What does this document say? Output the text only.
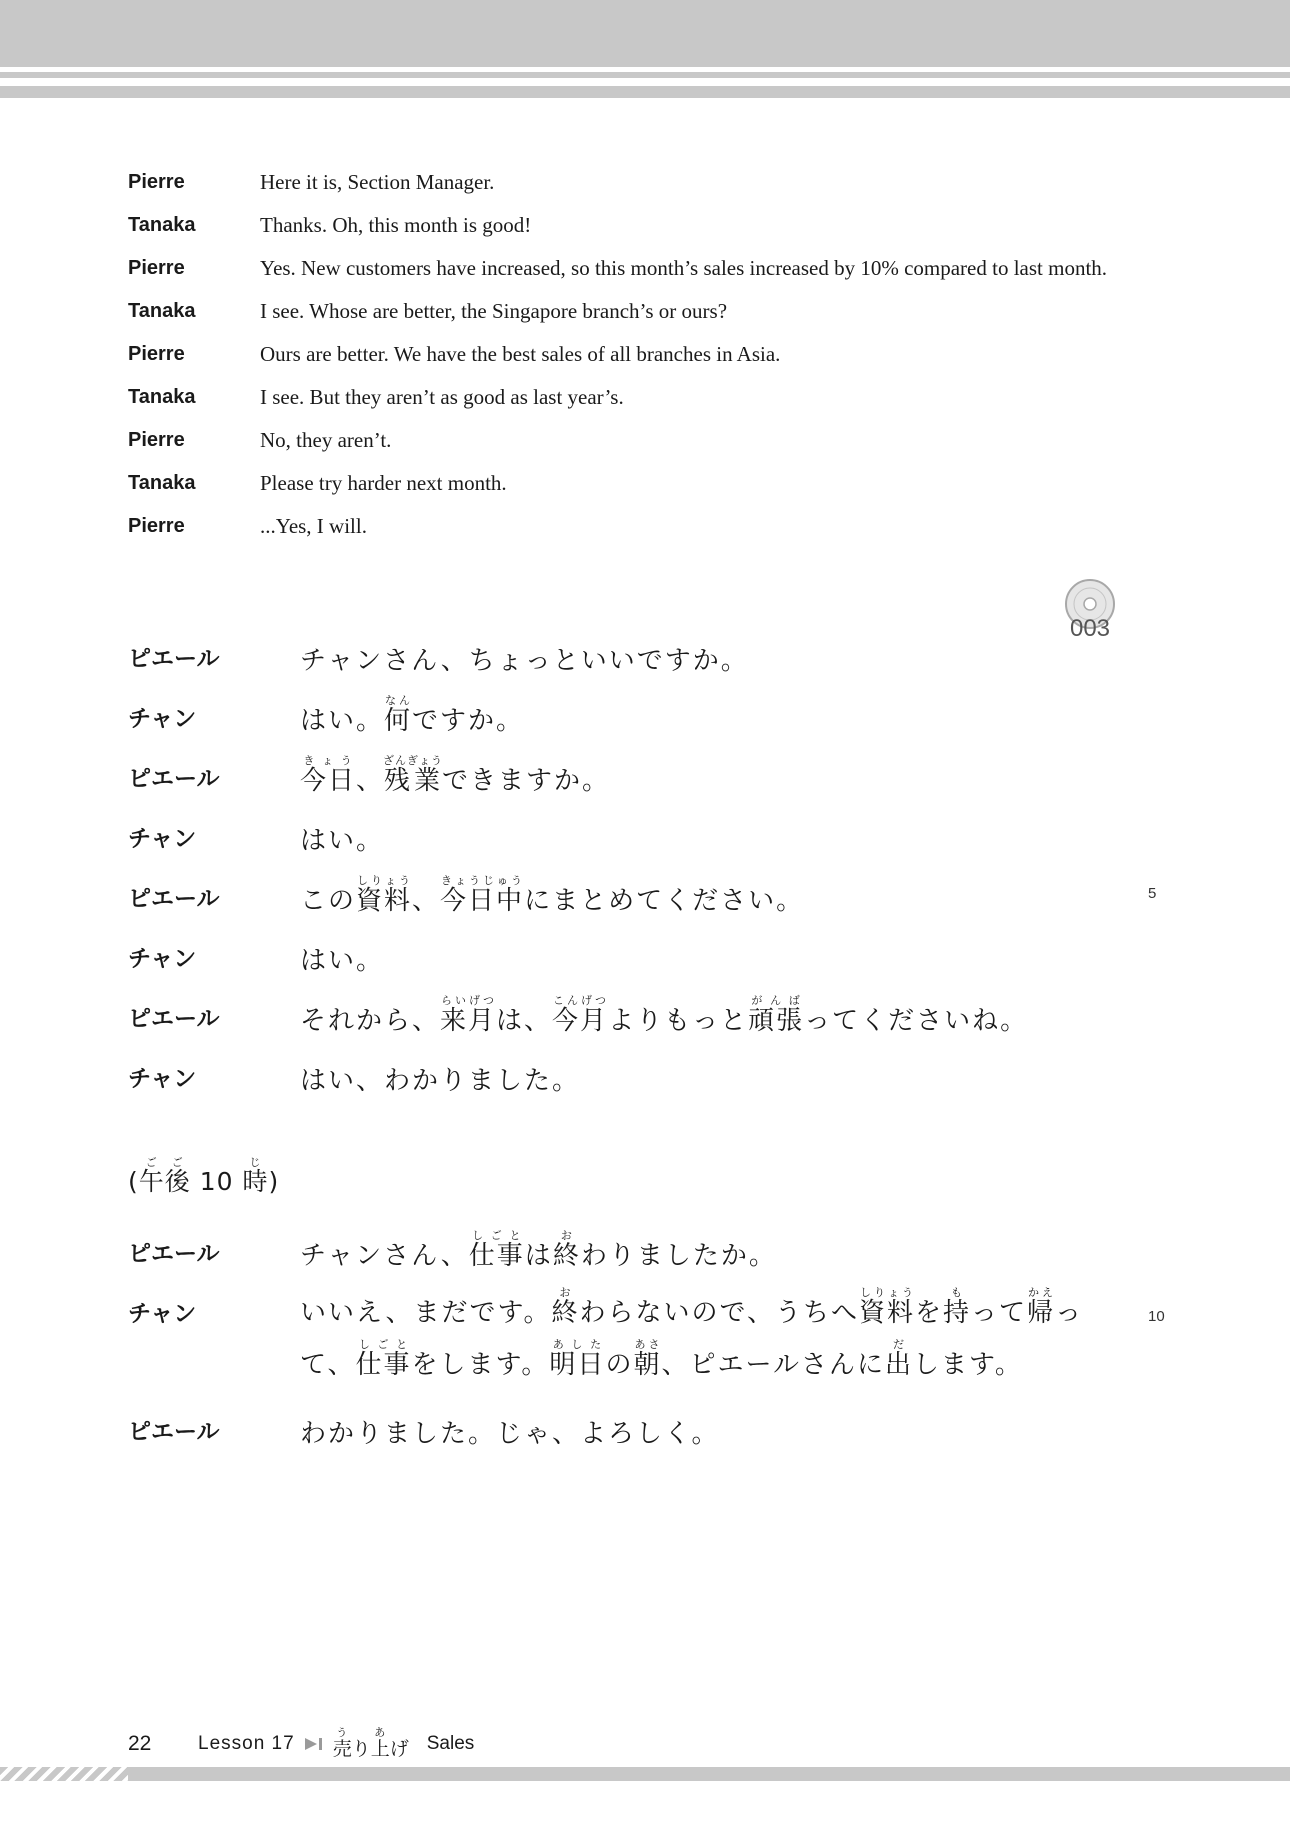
Pierre	Here it is, Section Manager.
Tanaka	Thanks. Oh, this month is good!
Pierre	Yes. New customers have increased, so this month’s sales increased by 10% compared to last month.
Tanaka	I see. Whose are better, the Singapore branch’s or ours?
Pierre	Ours are better. We have the best sales of all branches in Asia.
Tanaka	I see. But they aren’t as good as last year’s.
Pierre	No, they aren’t.
Tanaka	Please try harder next month.
Pierre	...Yes, I will.
003
ピエール	チャンさん、ちょっといいですか。
チャン	はい。何なんですか。
ピエール	今日きょう、残業ざんぎょうできますか。
チャン	はい。
ピエール	この資料しりょう、今日中きょうじゅうにまとめてください。
チャン	はい。
ピエール	それから、来月らいげつは、今月こんげつよりもっと頑張がんばってくださいね。
チャン	はい、わかりました。
5
(午後ごご 10 時じ)
ピエール	チャンさん、仕事しごとは終おわりましたか。
チャン	いいえ、まだです。終おわらないので、うちへ資料しりょうを持もって帰かえっ
て、仕事しごとをします。明日あしたの朝あさ、ピエールさんに出だします。
ピエール	わかりました。じゃ、よろしく。
10
22	Lesson 17 売うり上あげ Sales
